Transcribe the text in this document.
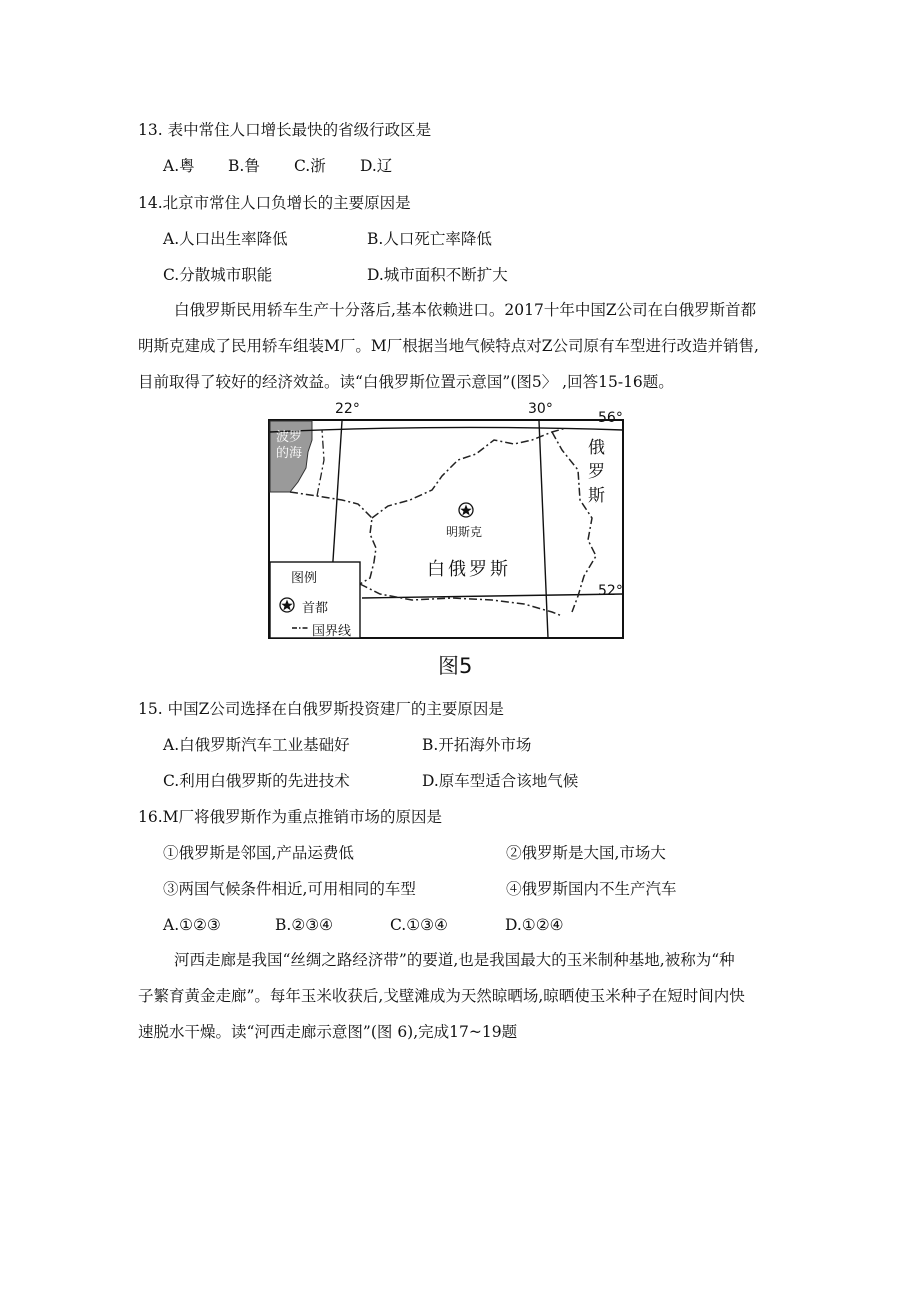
13. 表中常住人口增长最快的省级行政区是
A.粤 B.鲁 C.浙 D.辽
14.北京市常住人口负增长的主要原因是
A.人口出生率降低	B.人口死亡率降低
C.分散城市职能	D.城市面积不断扩大
白俄罗斯民用轿车生产十分落后,基本依赖进口。2017十年中国Z公司在白俄罗斯首都
明斯克建成了民用轿车组装M厂。M厂根据当地气候特点对Z公司原有车型进行改造并销售,
目前取得了较好的经济效益。读“白俄罗斯位置示意国”(图5〉 ,回答15-16题。
22°	30°
56°
52°
波罗
的海	俄
罗
斯
明斯克
白俄罗斯
图例
首都
国界线
图5
15. 中国Z公司选择在白俄罗斯投资建厂的主要原因是
A.白俄罗斯汽车工业基础好	B.开拓海外市场
C.利用白俄罗斯的先进技术	D.原车型适合该地气候
16.M厂将俄罗斯作为重点推销市场的原因是
①俄罗斯是邻国,产品运费低	②俄罗斯是大国,市场大
③两国气候条件相近,可用相同的车型	④俄罗斯国内不生产汽车
A.①②③	B.②③④	C.①③④	D.①②④
河西走廊是我国“丝绸之路经济带”的要道,也是我国最大的玉米制种基地,被称为“种
子繁育黄金走廊”。每年玉米收获后,戈壁滩成为天然晾晒场,晾晒使玉米种子在短时间内快
速脱水干燥。读“河西走廊示意图”(图 6),完成17~19题
